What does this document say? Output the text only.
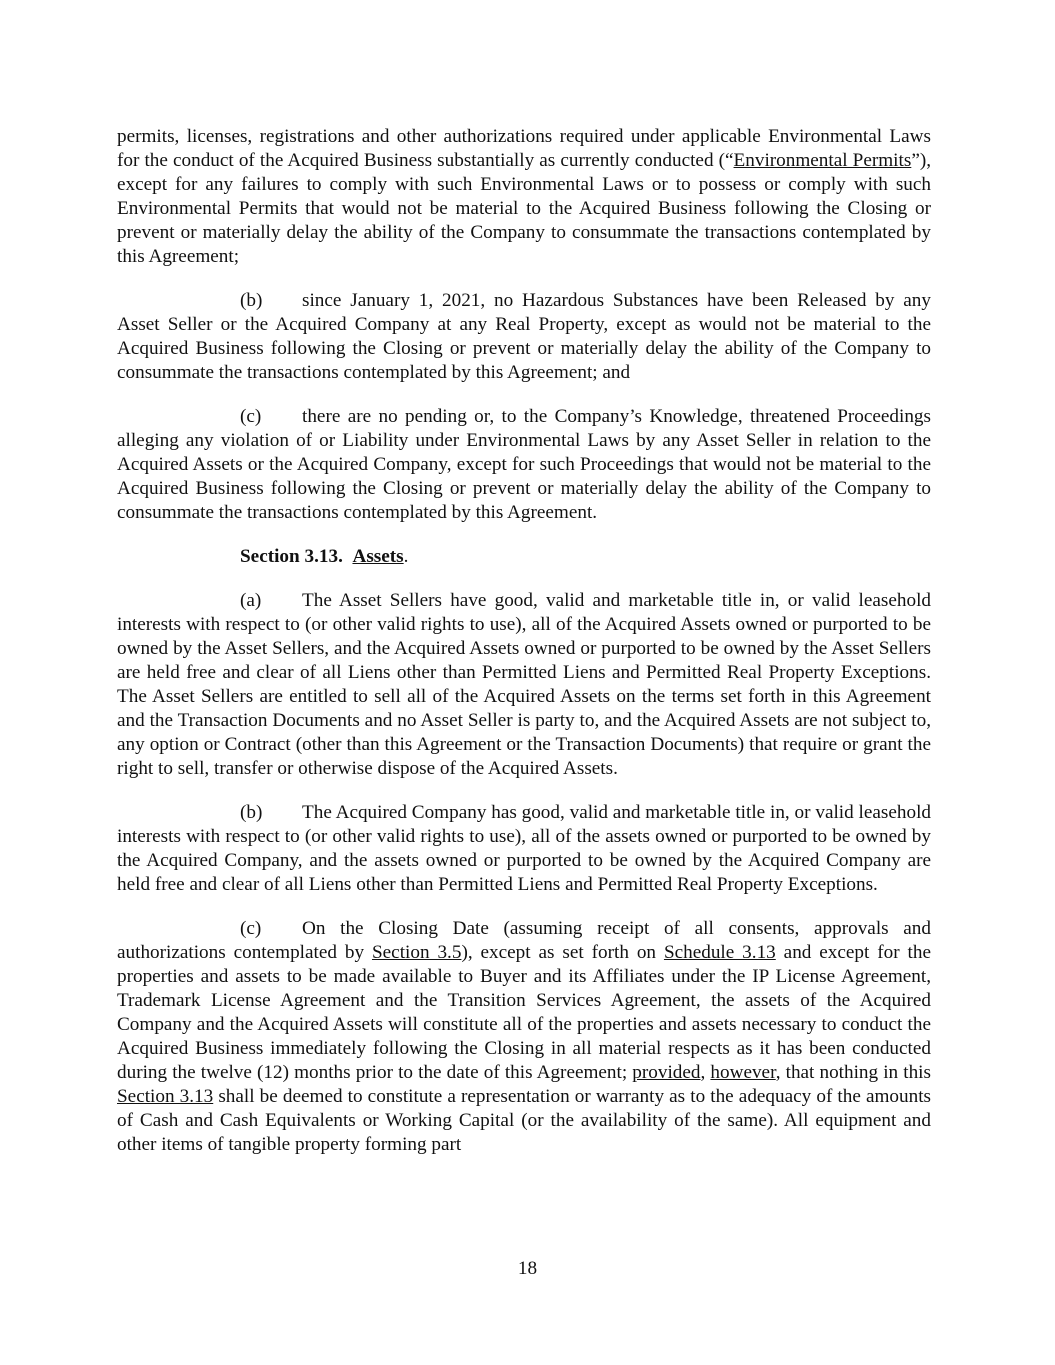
permits, licenses, registrations and other authorizations required under applicable Environmental Laws for the conduct of the Acquired Business substantially as currently conducted (“Environmental Permits”), except for any failures to comply with such Environmental Laws or to possess or comply with such Environmental Permits that would not be material to the Acquired Business following the Closing or prevent or materially delay the ability of the Company to consummate the transactions contemplated by this Agreement;

(b) since January 1, 2021, no Hazardous Substances have been Released by any Asset Seller or the Acquired Company at any Real Property, except as would not be material to the Acquired Business following the Closing or prevent or materially delay the ability of the Company to consummate the transactions contemplated by this Agreement; and

(c) there are no pending or, to the Company’s Knowledge, threatened Proceedings alleging any violation of or Liability under Environmental Laws by any Asset Seller in relation to the Acquired Assets or the Acquired Company, except for such Proceedings that would not be material to the Acquired Business following the Closing or prevent or materially delay the ability of the Company to consummate the transactions contemplated by this Agreement.

Section 3.13. Assets.

(a) The Asset Sellers have good, valid and marketable title in, or valid leasehold interests with respect to (or other valid rights to use), all of the Acquired Assets owned or purported to be owned by the Asset Sellers, and the Acquired Assets owned or purported to be owned by the Asset Sellers are held free and clear of all Liens other than Permitted Liens and Permitted Real Property Exceptions. The Asset Sellers are entitled to sell all of the Acquired Assets on the terms set forth in this Agreement and the Transaction Documents and no Asset Seller is party to, and the Acquired Assets are not subject to, any option or Contract (other than this Agreement or the Transaction Documents) that require or grant the right to sell, transfer or otherwise dispose of the Acquired Assets.

(b) The Acquired Company has good, valid and marketable title in, or valid leasehold interests with respect to (or other valid rights to use), all of the assets owned or purported to be owned by the Acquired Company, and the assets owned or purported to be owned by the Acquired Company are held free and clear of all Liens other than Permitted Liens and Permitted Real Property Exceptions.

(c) On the Closing Date (assuming receipt of all consents, approvals and authorizations contemplated by Section 3.5), except as set forth on Schedule 3.13 and except for the properties and assets to be made available to Buyer and its Affiliates under the IP License Agreement, Trademark License Agreement and the Transition Services Agreement, the assets of the Acquired Company and the Acquired Assets will constitute all of the properties and assets necessary to conduct the Acquired Business immediately following the Closing in all material respects as it has been conducted during the twelve (12) months prior to the date of this Agreement; provided, however, that nothing in this Section 3.13 shall be deemed to constitute a representation or warranty as to the adequacy of the amounts of Cash and Cash Equivalents or Working Capital (or the availability of the same). All equipment and other items of tangible property forming part

18
